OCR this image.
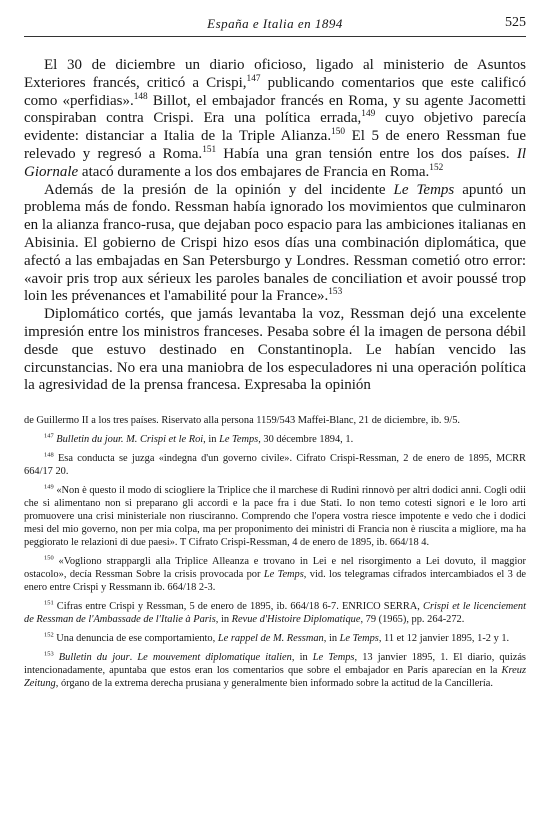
España e Italia en 1894	525

El 30 de diciembre un diario oficioso, ligado al ministerio de Asuntos Exteriores francés, criticó a Crispi,$^{147}$ publicando comentarios que este calificó como «perfidias».$^{148}$ Billot, el embajador francés en Roma, y su agente Jacometti conspiraban contra Crispi. Era una política errada,$^{149}$ cuyo objetivo parecía evidente: distanciar a Italia de la Triple Alianza.$^{150}$ El 5 de enero Ressman fue relevado y regresó a Roma.$^{151}$ Había una gran tensión entre los dos países. Il Giornale atacó duramente a los dos embajares de Francia en Roma.$^{152}$

Además de la presión de la opinión y del incidente Le Temps apuntó un problema más de fondo. Ressman había ignorado los movimientos que culminaron en la alianza franco-rusa, que dejaban poco espacio para las ambiciones italianas en Abisinia. El gobierno de Crispi hizo esos días una combinación diplomática, que afectó a las embajadas en San Petersburgo y Londres. Ressman cometió otro error: «avoir pris trop aux sérieux les paroles banales de conciliation et avoir poussé trop loin les prévenances et l'amabilité pour la France».$^{153}$

Diplomático cortés, que jamás levantaba la voz, Ressman dejó una excelente impresión entre los ministros franceses. Pesaba sobre él la imagen de persona débil desde que estuvo destinado en Constantinopla. Le habían vencido las circunstancias. No era una maniobra de los especuladores ni una operación política la agresividad de la prensa francesa. Expresaba la opinión

de Guillermo II a los tres países. Riservato alla persona 1159/543 Maffei-Blanc, 21 de diciembre, ib. 9/5.

$^{147}$ Bulletin du jour. M. Crispi et le Roi, in Le Temps, 30 décembre 1894, 1.

$^{148}$ Esa conducta se juzga «indegna d'un governo civile». Cifrato Crispi-Ressman, 2 de enero de 1895, MCRR 664/17 20.

$^{149}$ «Non è questo il modo di sciogliere la Triplice che il marchese di Rudinì rinnovò per altri dodici anni. Cogli odii che si alimentano non si preparano gli accordi e la pace fra i due Stati. Io non temo cotesti signori e le loro arti promuovere una crisi ministeriale non riusciranno. Comprendo che l'opera vostra riesce impotente e vedo che i dodici mesi del mio governo, non per mia colpa, ma per proponimento dei ministri di Francia non è riuscita a migliore, ma ha peggiorato le relazioni di due paesi». T Cifrato Crispi-Ressman, 4 de enero de 1895, ib. 664/18 4.

$^{150}$ «Vogliono strappargli alla Triplice Alleanza e trovano in Lei e nel risorgimento a Lei dovuto, il maggior ostacolo», decía Ressman Sobre la crisis provocada por Le Temps, vid. los telegramas cifrados intercambiados el 3 de enero entre Crispi y Ressmann ib. 664/18 2-3.

$^{151}$ Cifras entre Crispi y Ressman, 5 de enero de 1895, ib. 664/18 6-7. ENRICO SERRA, Crispi et le licenciement de Ressman de l'Ambassade de l'Italie à Paris, in Revue d'Histoire Diplomatique, 79 (1965), pp. 264-272.

$^{152}$ Una denuncia de ese comportamiento, Le rappel de M. Ressman, in Le Temps, 11 et 12 janvier 1895, 1-2 y 1.

$^{153}$ Bulletin du jour. Le mouvement diplomatique italien, in Le Temps, 13 janvier 1895, 1. El diario, quizás intencionadamente, apuntaba que estos eran los comentarios que sobre el embajador en París aparecían en la Kreuz Zeitung, órgano de la extrema derecha prusiana y generalmente bien informado sobre la actitud de la Cancillería.
